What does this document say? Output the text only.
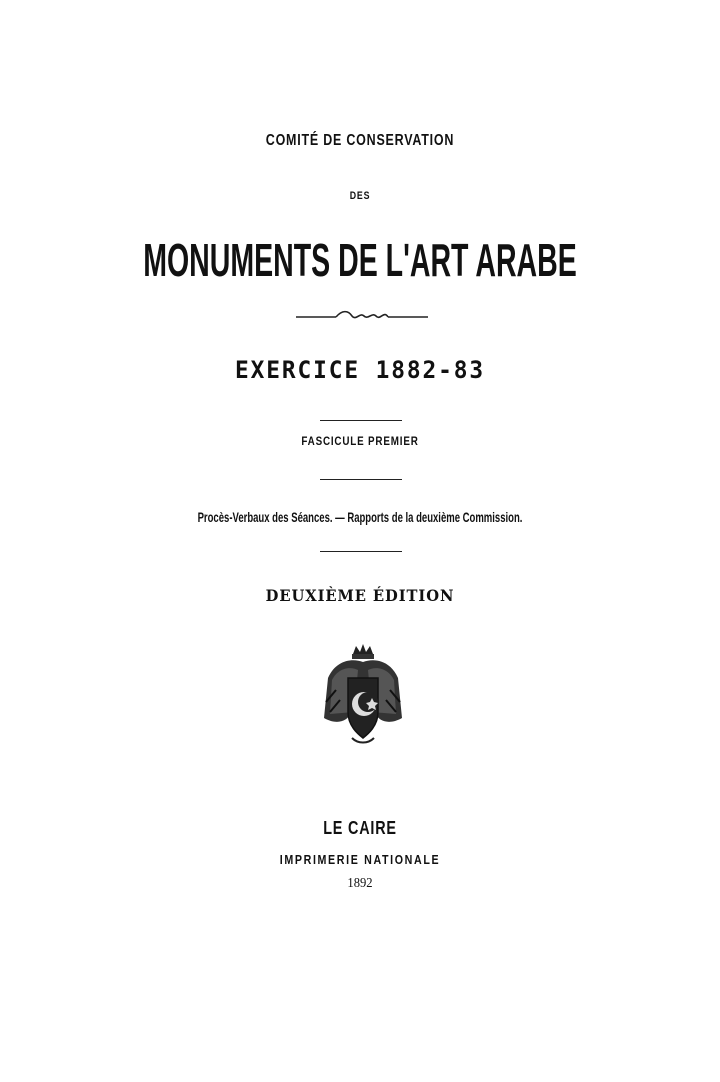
COMITÉ DE CONSERVATION
DES
MONUMENTS DE L'ART ARABE
EXERCICE 1882-83
FASCICULE PREMIER
Procès-Verbaux des Séances. — Rapports de la deuxième Commission.
DEUXIÈME ÉDITION
LE CAIRE
IMPRIMERIE NATIONALE
1892
